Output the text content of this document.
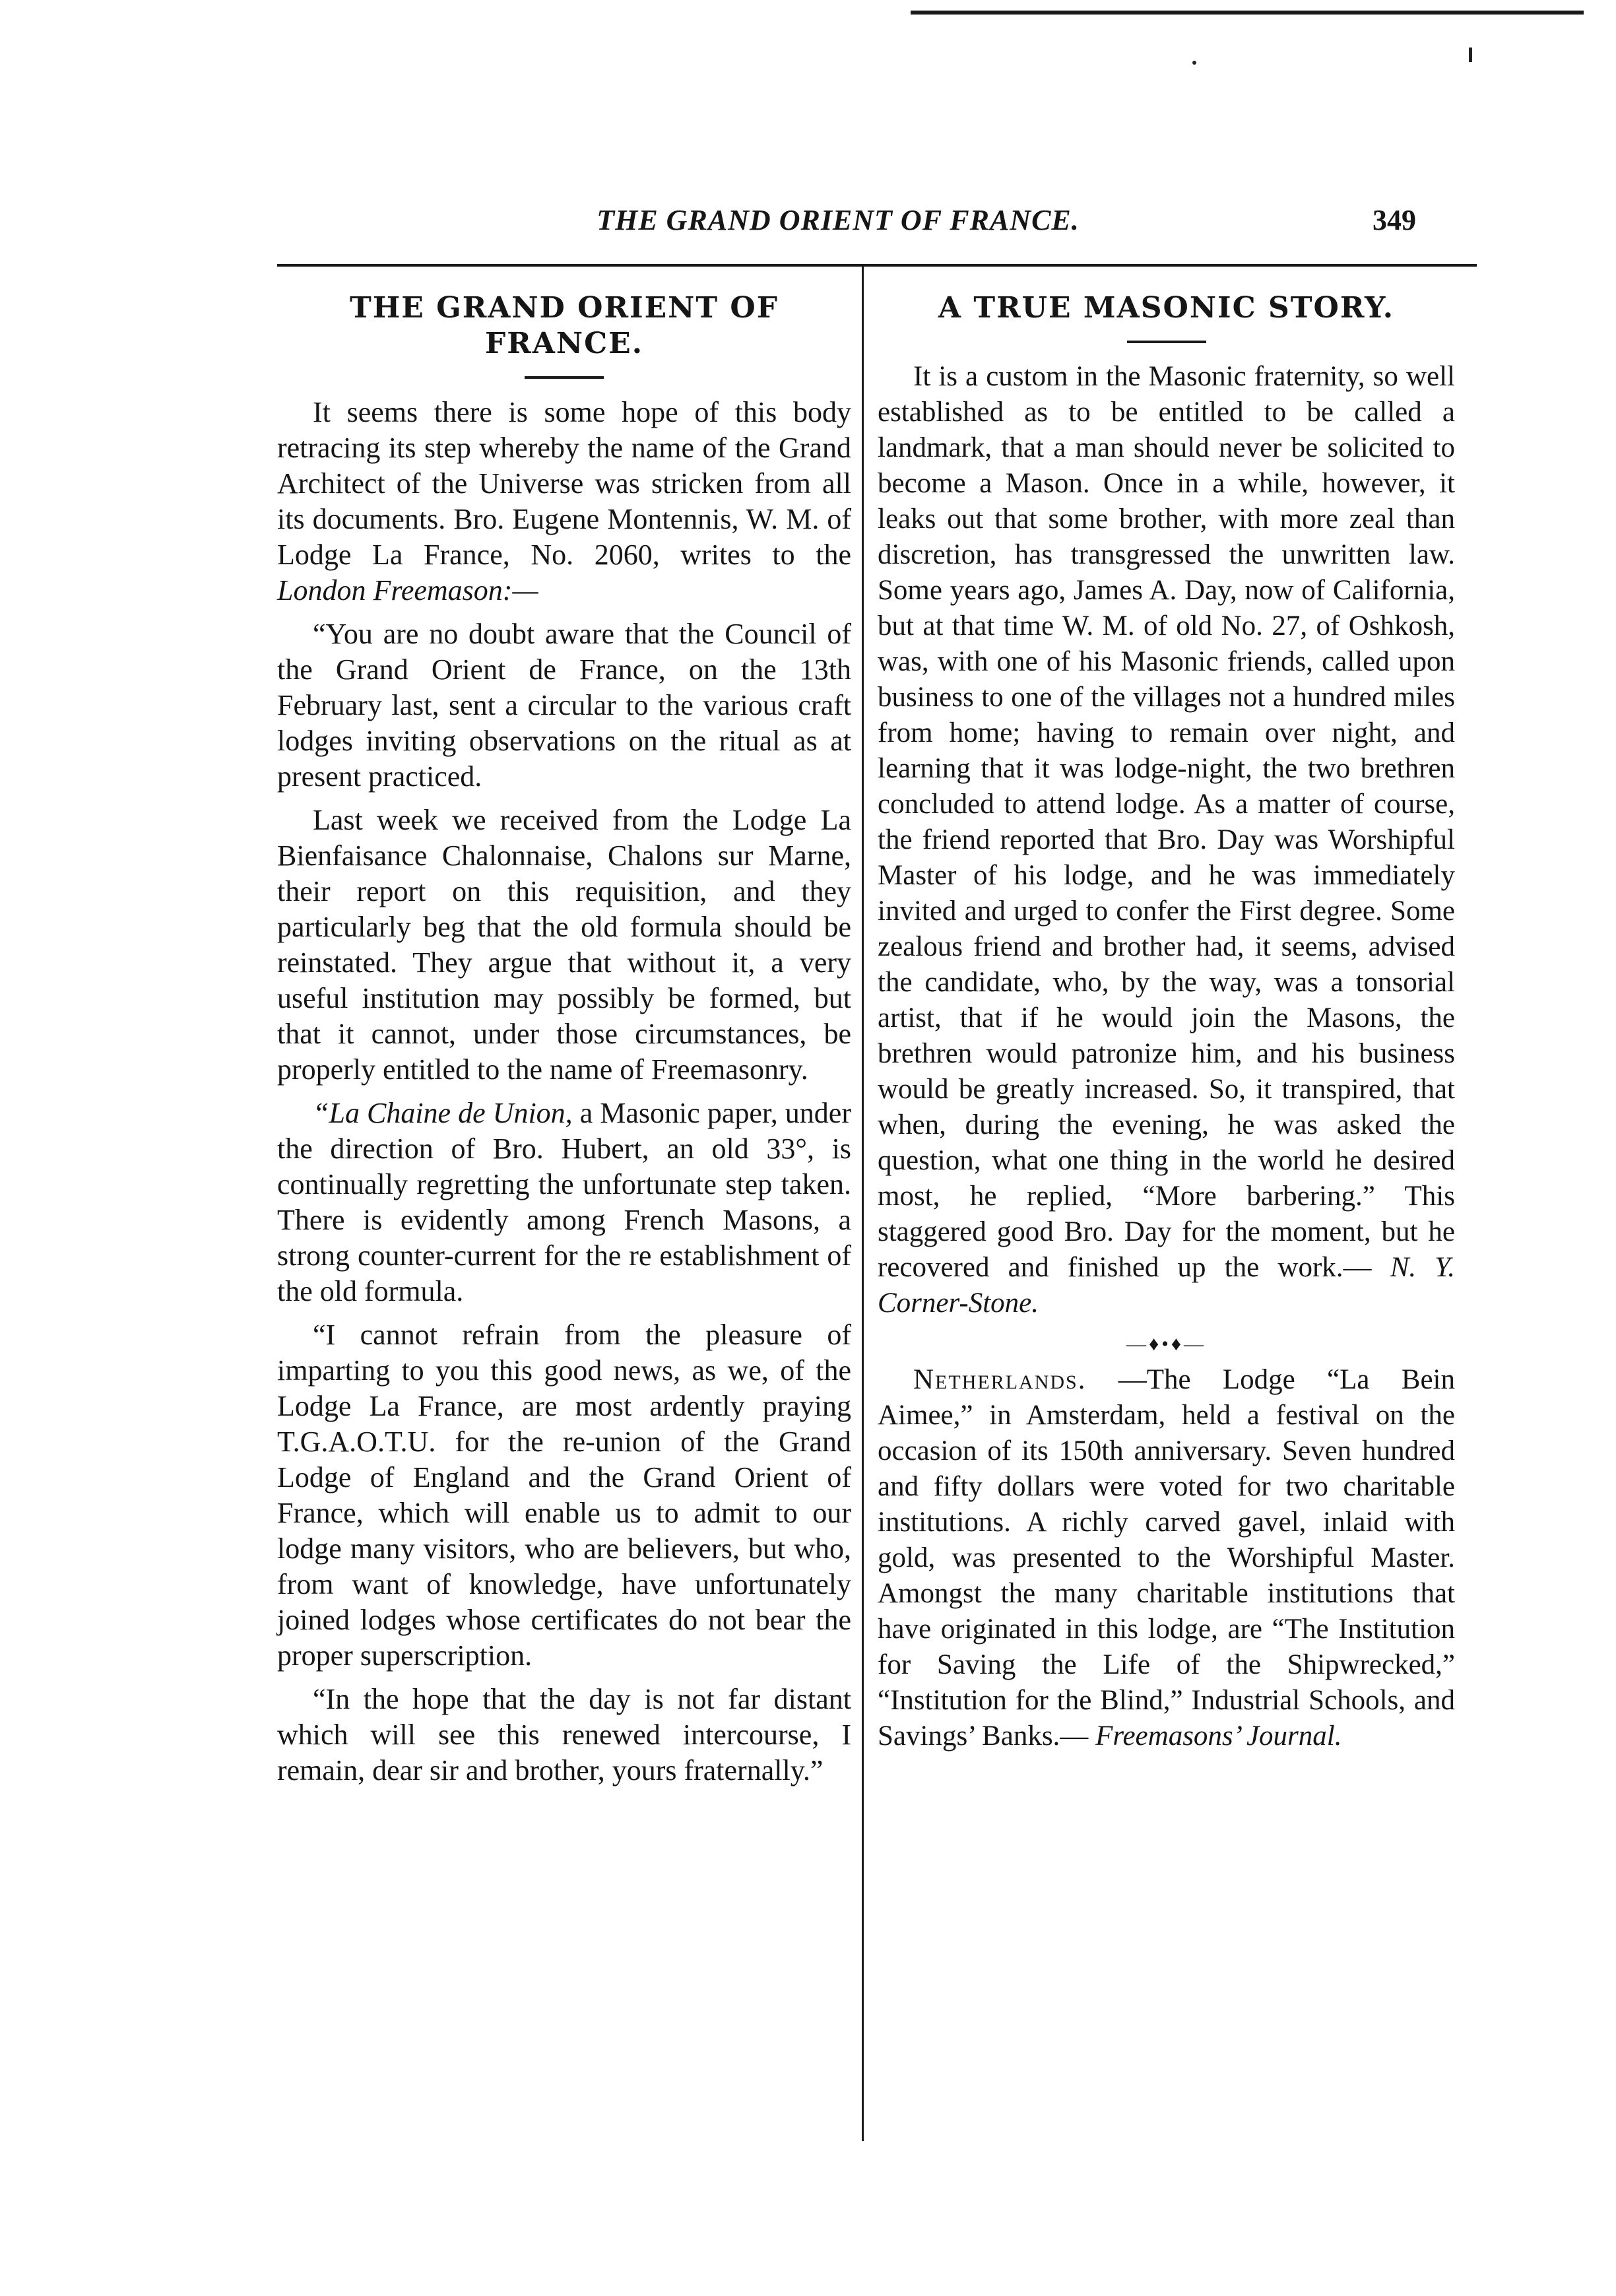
THE GRAND ORIENT OF FRANCE.	349
THE GRAND ORIENT OF FRANCE.

It seems there is some hope of this body retracing its step whereby the name of the Grand Architect of the Universe was stricken from all its documents. Bro. Eugene Montennis, W. M. of Lodge La France, No. 2060, writes to the London Freemason:—

“You are no doubt aware that the Council of the Grand Orient de France, on the 13th February last, sent a circular to the various craft lodges inviting observations on the ritual as at present practiced.

Last week we received from the Lodge La Bienfaisance Chalonnaise, Chalons sur Marne, their report on this requisition, and they particularly beg that the old formula should be reinstated. They argue that without it, a very useful institution may possibly be formed, but that it cannot, under those circumstances, be properly entitled to the name of Freemasonry.

“La Chaine de Union, a Masonic paper, under the direction of Bro. Hubert, an old 33°, is continually regretting the unfortunate step taken. There is evidently among French Masons, a strong counter-current for the re establishment of the old formula.

“I cannot refrain from the pleasure of imparting to you this good news, as we, of the Lodge La France, are most ardently praying T.G.A.O.T.U. for the re-union of the Grand Lodge of England and the Grand Orient of France, which will enable us to admit to our lodge many visitors, who are believers, but who, from want of knowledge, have unfortunately joined lodges whose certificates do not bear the proper superscription.

“In the hope that the day is not far distant which will see this renewed intercourse, I remain, dear sir and brother, yours fraternally.”

A TRUE MASONIC STORY.

It is a custom in the Masonic fraternity, so well established as to be entitled to be called a landmark, that a man should never be solicited to become a Mason. Once in a while, however, it leaks out that some brother, with more zeal than discretion, has transgressed the unwritten law. Some years ago, James A. Day, now of California, but at that time W. M. of old No. 27, of Oshkosh, was, with one of his Masonic friends, called upon business to one of the villages not a hundred miles from home; having to remain over night, and learning that it was lodge-night, the two brethren concluded to attend lodge. As a matter of course, the friend reported that Bro. Day was Worshipful Master of his lodge, and he was immediately invited and urged to confer the First degree. Some zealous friend and brother had, it seems, advised the candidate, who, by the way, was a tonsorial artist, that if he would join the Masons, the brethren would patronize him, and his business would be greatly increased. So, it transpired, that when, during the evening, he was asked the question, what one thing in the world he desired most, he replied, “More barbering.” This staggered good Bro. Day for the moment, but he recovered and finished up the work.— N. Y. Corner-Stone.

—♦•♦—

Netherlands. —The Lodge “La Bein Aimee,” in Amsterdam, held a festival on the occasion of its 150th anniversary. Seven hundred and fifty dollars were voted for two charitable institutions. A richly carved gavel, inlaid with gold, was presented to the Worshipful Master. Amongst the many charitable institutions that have originated in this lodge, are “The Institution for Saving the Life of the Shipwrecked,” “Institution for the Blind,” Industrial Schools, and Savings’ Banks.— Freemasons’ Journal.
